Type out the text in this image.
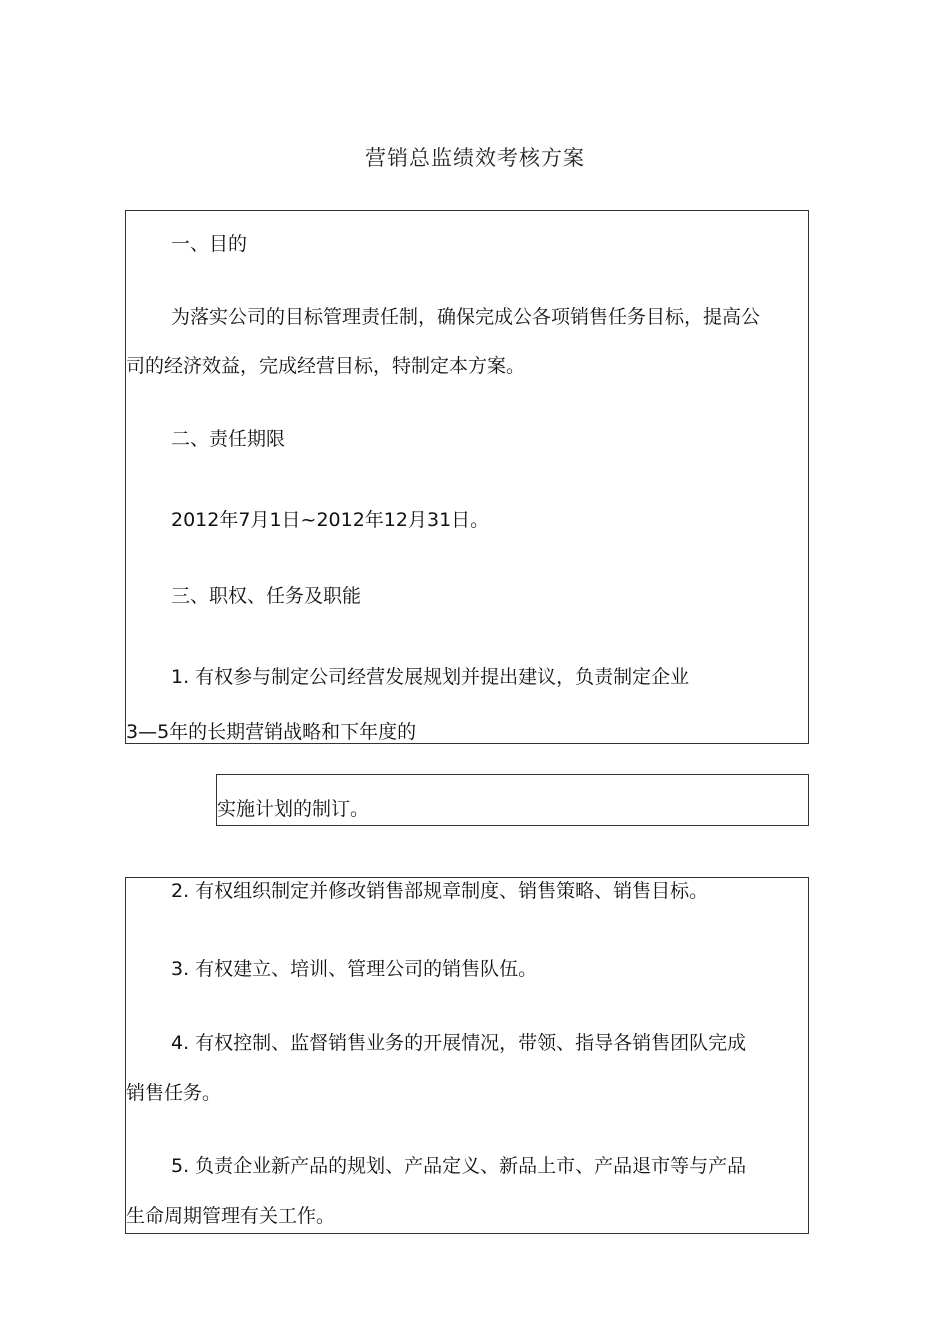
营销总监绩效考核方案
一、目的
为落实公司的目标管理责任制，确保完成公各项销售任务目标，提高公
司的经济效益，完成经营目标，特制定本方案。
二、责任期限
2012年7月1日~2012年12月31日。
三、职权、任务及职能
1. 有权参与制定公司经营发展规划并提出建议，负责制定企业
3—5年的长期营销战略和下年度的
实施计划的制订。
2. 有权组织制定并修改销售部规章制度、销售策略、销售目标。
3. 有权建立、培训、管理公司的销售队伍。
4. 有权控制、监督销售业务的开展情况，带领、指导各销售团队完成
销售任务。
5. 负责企业新产品的规划、产品定义、新品上市、产品退市等与产品
生命周期管理有关工作。
